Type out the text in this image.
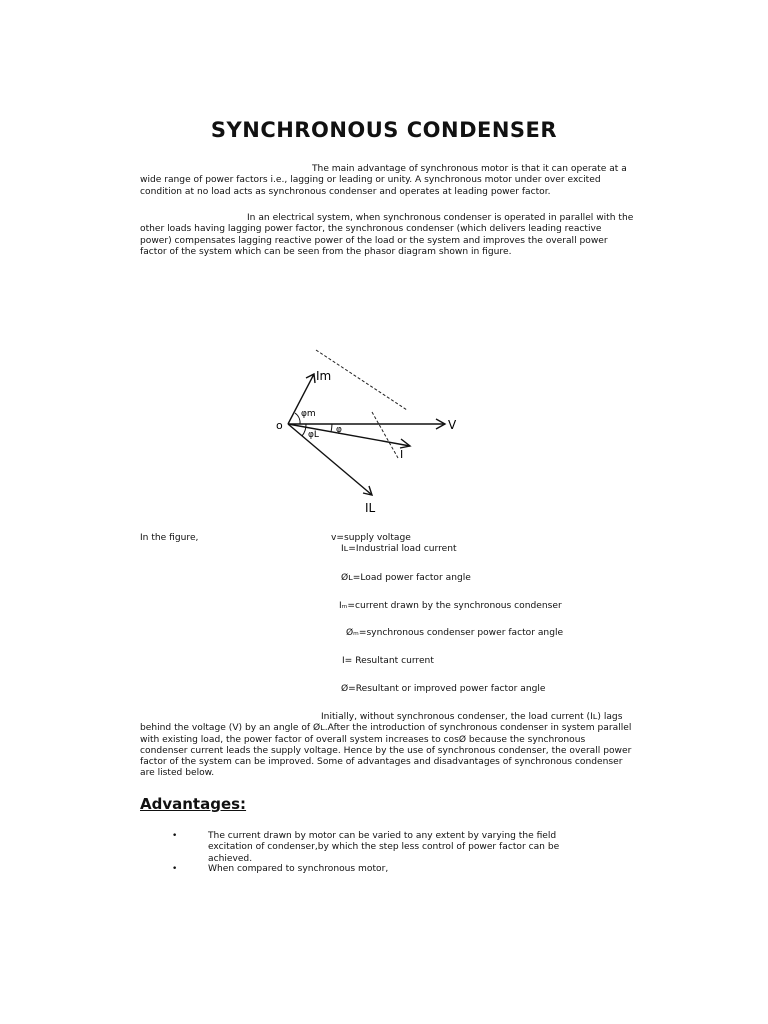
SYNCHRONOUS CONDENSER
The main advantage of synchronous motor is that it can operate at a wide range of power factors i.e., lagging or leading or unity. A synchronous motor under over excited condition at no load acts as synchronous condenser and operates at leading power factor.
In an electrical system, when synchronous condenser is operated in parallel with the other loads having lagging power factor, the synchronous condenser (which delivers leading reactive power) compensates lagging reactive power of the load or the system and improves the overall power factor of the system which can be seen from the phasor diagram shown in figure.
o	V
Im
φm
φL φ
I
IL
In the figure,	v=supply voltage
Iʟ=Industrial load current
Øʟ=Load power factor angle
Iₘ=current drawn by the synchronous condenser
Øₘ=synchronous condenser power factor angle
I= Resultant current
Ø=Resultant or improved power factor angle
Initially, without synchronous condenser, the load current (Iʟ) lags behind the voltage (V) by an angle of Øʟ.After the introduction of synchronous condenser in system parallel with existing load, the power factor of overall system increases to cosØ because the synchronous condenser current leads the supply voltage. Hence by the use of synchronous condenser, the overall power factor of the system can be improved. Some of advantages and disadvantages of synchronous condenser are listed below.
Advantages:
•	The current drawn by motor can be varied to any extent by varying the field excitation of condenser,by which the step less control of power factor can be achieved.
•	When compared to synchronous motor,
